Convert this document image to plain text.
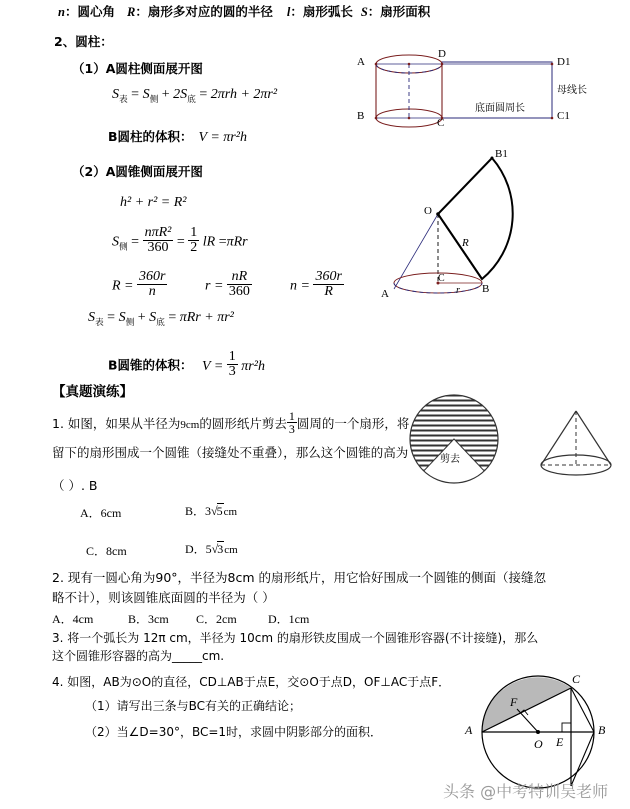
n：圆心角 R：扇形多对应的圆的半径 l：扇形弧长 S：扇形面积
2、圆柱：
（1）A圆柱侧面展开图
$S_表 = S_侧 + 2S_底 = 2\pi rh + 2\pi r^2$
B圆柱的体积： V = πr²h
（2）A圆锥侧面展开图
h² + r² = R²
$S_侧 = \frac{\text{nπR²}}{360} = \frac{1}{2}$ lR =πRr
$R = \frac{360r}{n}$	$r = \frac{nR}{360}$	$n = \frac{360r}{R}$
$S_表 = S_侧 + S_底 = \pi Rr + \pi r^2$
B圆锥的体积： $V = \frac{1}{3} \pi r^2h$
【真题演练】
1. 如图，如果从半径为9cm的圆形纸片剪去 $\frac{1}{3}$ 圆周的一个扇形，将
留下的扇形围成一个圆锥（接缝处不重叠），那么这个圆锥的高为
（ ）. B
A．6cm	B．3√5cm
C．8cm	D．5√3cm
2. 现有一圆心角为90°，半径为8cm 的扇形纸片，用它恰好围成一个圆锥的侧面（接缝忽
略不计），则该圆锥底面圆的半径为（ ）
A．4cm	B．3cm C．2cm	D．1cm
3. 将一个弧长为 12π cm，半径为 10cm 的扇形铁皮围成一个圆锥形容器(不计接缝)，那么
这个圆锥形容器的高为_____cm.
4. 如图，AB为⊙O的直径，CD⊥AB于点E，交⊙O于点D，OF⊥AC于点F．
（1）请写出三条与BC有关的正确结论；
（2）当∠D=30°，BC=1时，求圆中阴影部分的面积．
A
B
C
D
D1
C1
母线长
底面圆周长
O
A	B
B1
C
R
r
剪去
A	B
C
O E
F
头条 @中考特训吴老师
